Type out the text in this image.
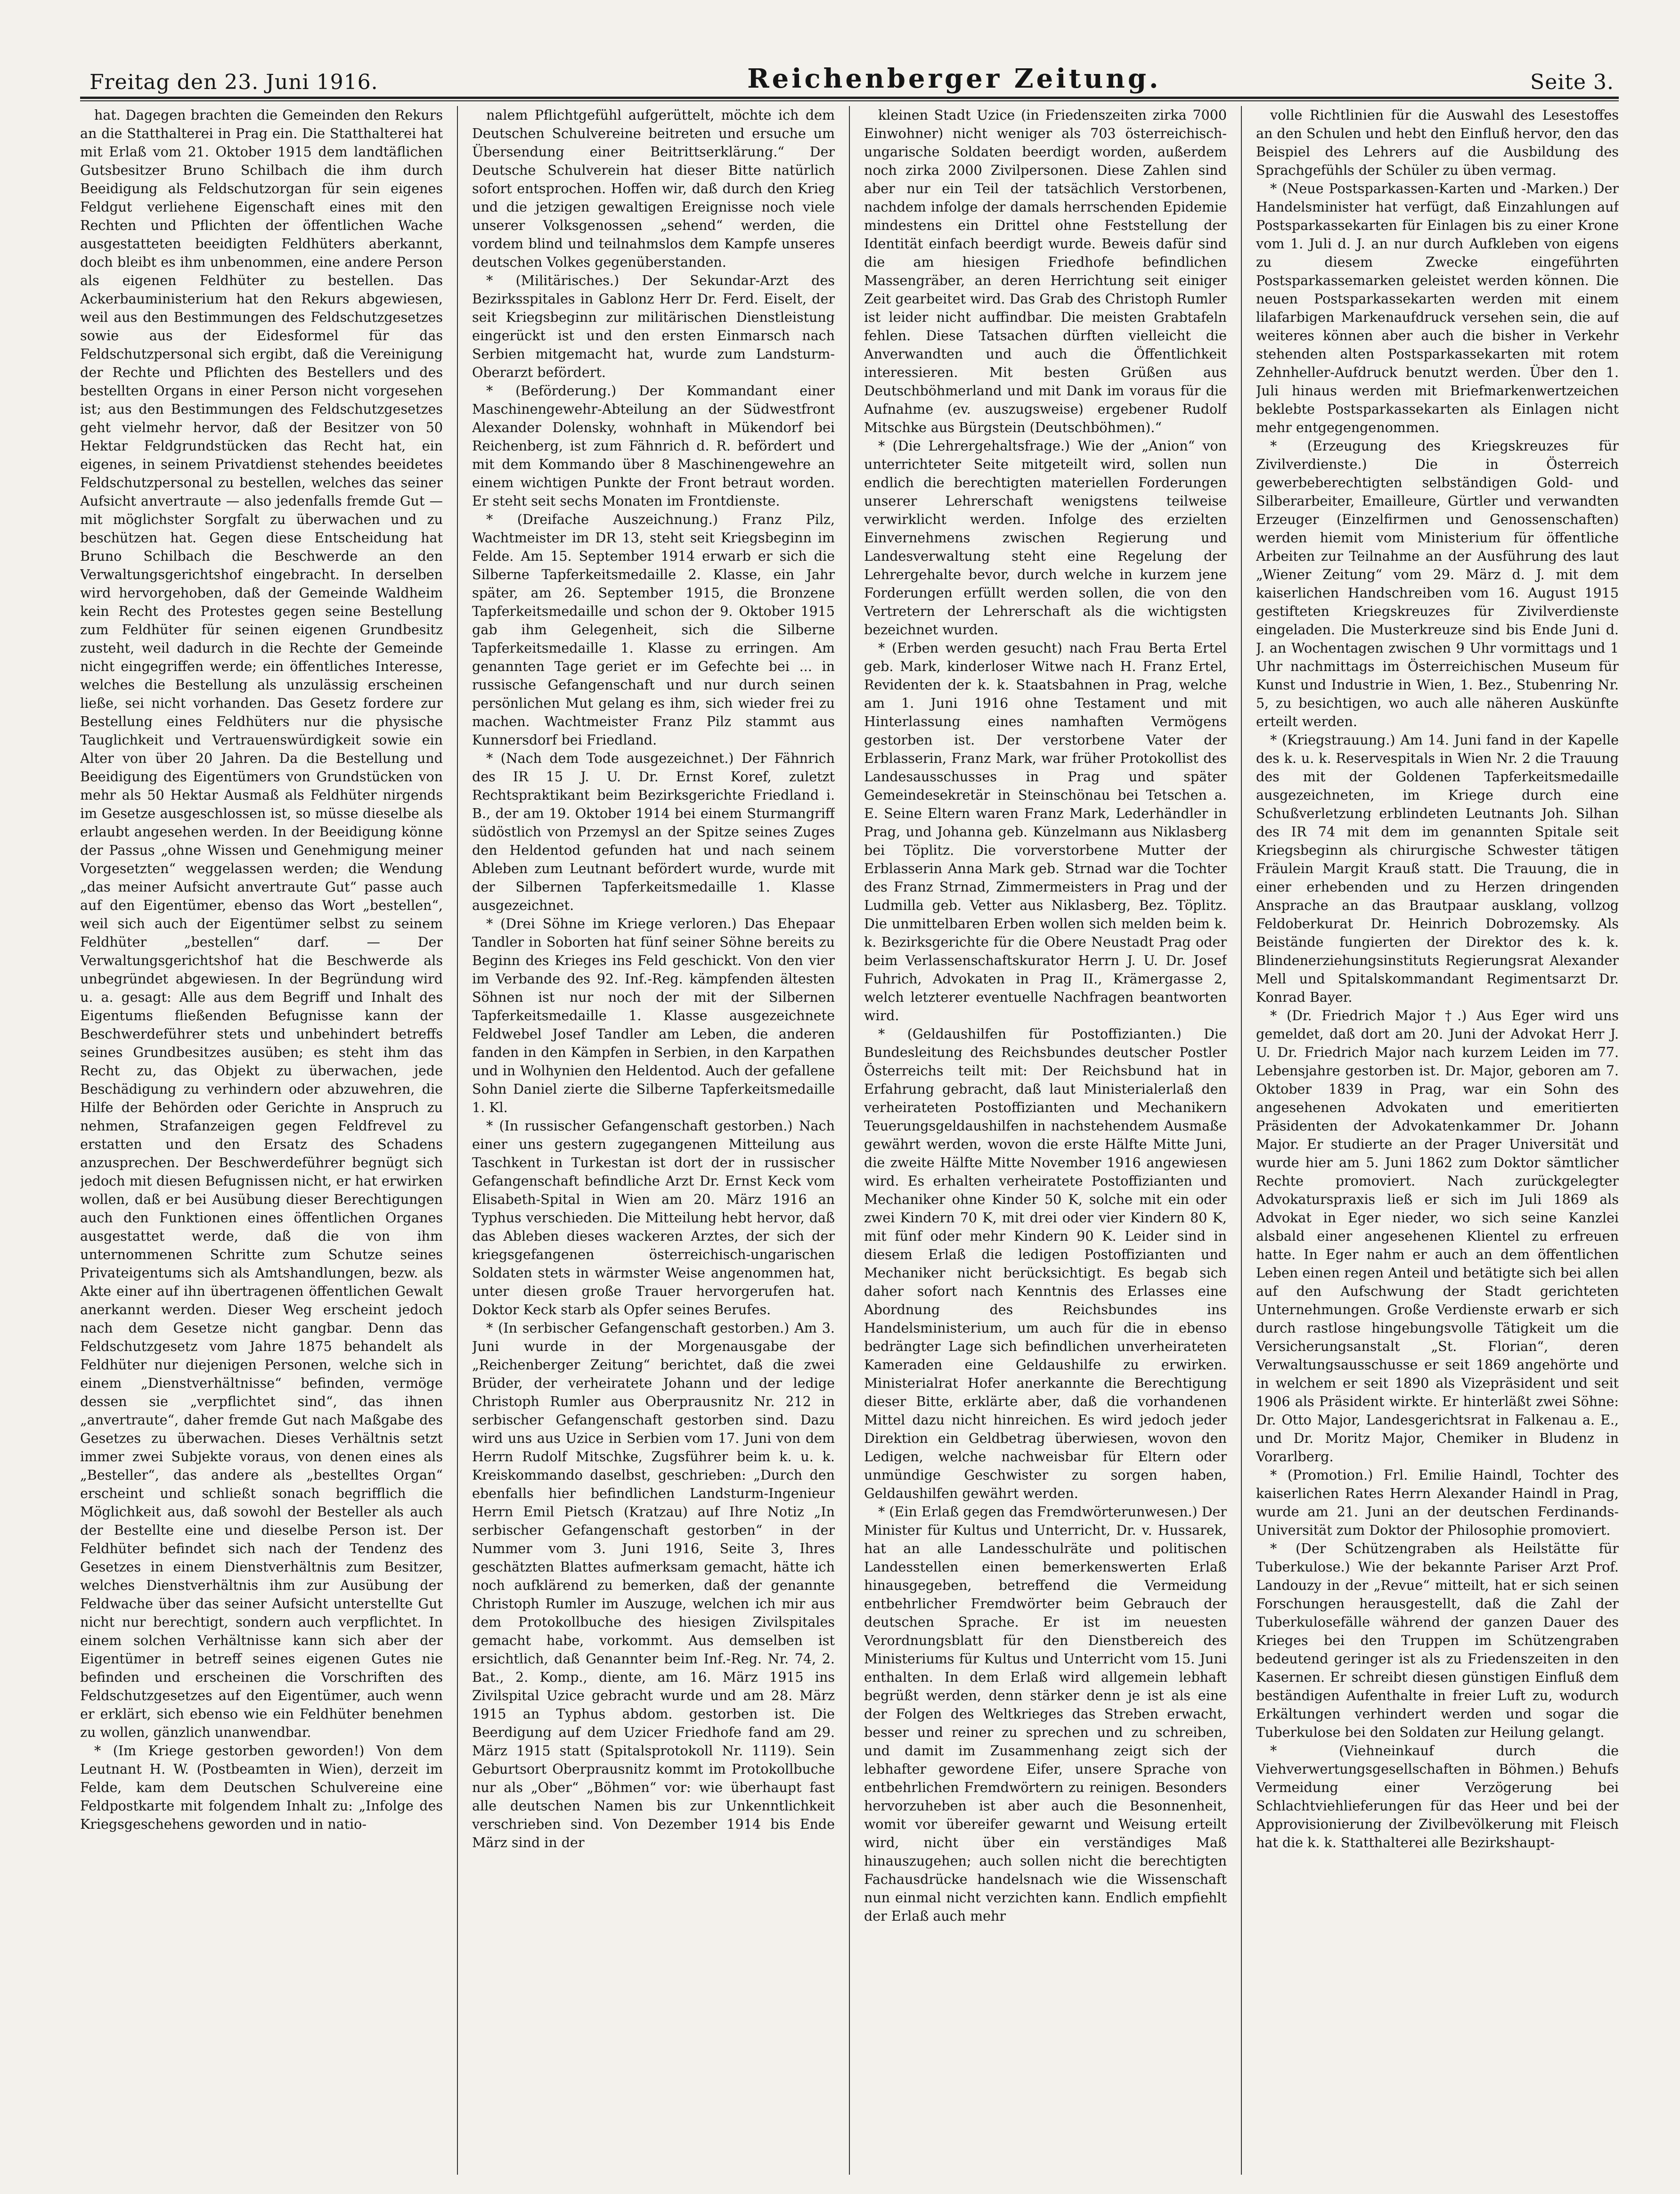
Freitag den 23. Juni 1916.	Reichenberger Zeitung.	Seite 3.

hat. Dagegen brachten die Gemeinden den Rekurs an die Statthalterei in Prag ein. Die Statthalterei hat mit Erlaß vom 21. Oktober 1915 dem landtäflichen Gutsbesitzer Bruno Schilbach die ihm durch Beeidigung als Feldschutzorgan für sein eigenes Feldgut verliehene Eigenschaft eines mit den Rechten und Pflichten der öffentlichen Wache ausgestatteten beeidigten Feldhüters aberkannt, doch bleibt es ihm unbenommen, eine andere Person als eigenen Feldhüter zu bestellen. Das Ackerbauministerium hat den Rekurs abgewiesen, weil aus den Bestimmungen des Feldschutzgesetzes sowie aus der Eidesformel für das Feldschutzpersonal sich ergibt, daß die Vereinigung der Rechte und Pflichten des Bestellers und des bestellten Organs in einer Person nicht vorgesehen ist; aus den Bestimmungen des Feldschutzgesetzes geht vielmehr hervor, daß der Besitzer von 50 Hektar Feldgrundstücken das Recht hat, ein eigenes, in seinem Privatdienst stehendes beeidetes Feldschutzpersonal zu bestellen, welches das seiner Aufsicht anvertraute — also jedenfalls fremde Gut — mit möglichster Sorgfalt zu überwachen und zu beschützen hat. Gegen diese Entscheidung hat Bruno Schilbach die Beschwerde an den Verwaltungsgerichtshof eingebracht. In derselben wird hervorgehoben, daß der Gemeinde Waldheim kein Recht des Protestes gegen seine Bestellung zum Feldhüter für seinen eigenen Grundbesitz zusteht, weil dadurch in die Rechte der Gemeinde nicht eingegriffen werde; ein öffentliches Interesse, welches die Bestellung als unzulässig erscheinen ließe, sei nicht vorhanden. Das Gesetz fordere zur Bestellung eines Feldhüters nur die physische Tauglichkeit und Vertrauenswürdigkeit sowie ein Alter von über 20 Jahren. Da die Bestellung und Beeidigung des Eigentümers von Grundstücken von mehr als 50 Hektar Ausmaß als Feldhüter nirgends im Gesetze ausgeschlossen ist, so müsse dieselbe als erlaubt angesehen werden. In der Beeidigung könne der Passus „ohne Wissen und Genehmigung meiner Vorgesetzten“ weggelassen werden; die Wendung „das meiner Aufsicht anvertraute Gut“ passe auch auf den Eigentümer, ebenso das Wort „bestellen“, weil sich auch der Eigentümer selbst zu seinem Feldhüter „bestellen“ darf. — Der Verwaltungsgerichtshof hat die Beschwerde als unbegründet abgewiesen. In der Begründung wird u. a. gesagt: Alle aus dem Begriff und Inhalt des Eigentums fließenden Befugnisse kann der Beschwerdeführer stets und unbehindert betreffs seines Grundbesitzes ausüben; es steht ihm das Recht zu, das Objekt zu überwachen, jede Beschädigung zu verhindern oder abzuwehren, die Hilfe der Behörden oder Gerichte in Anspruch zu nehmen, Strafanzeigen gegen Feldfrevel zu erstatten und den Ersatz des Schadens anzusprechen. Der Beschwerdeführer begnügt sich jedoch mit diesen Befugnissen nicht, er hat erwirken wollen, daß er bei Ausübung dieser Berechtigungen auch den Funktionen eines öffentlichen Organes ausgestattet werde, daß die von ihm unternommenen Schritte zum Schutze seines Privateigentums sich als Amtshandlungen, bezw. als Akte einer auf ihn übertragenen öffentlichen Gewalt anerkannt werden. Dieser Weg erscheint jedoch nach dem Gesetze nicht gangbar. Denn das Feldschutzgesetz vom Jahre 1875 behandelt als Feldhüter nur diejenigen Personen, welche sich in einem „Dienstverhältnisse“ befinden, vermöge dessen sie „verpflichtet sind“, das ihnen „anvertraute“, daher fremde Gut nach Maßgabe des Gesetzes zu überwachen. Dieses Verhältnis setzt immer zwei Subjekte voraus, von denen eines als „Besteller“, das andere als „bestelltes Organ“ erscheint und schließt sonach begrifflich die Möglichkeit aus, daß sowohl der Besteller als auch der Bestellte eine und dieselbe Person ist. Der Feldhüter befindet sich nach der Tendenz des Gesetzes in einem Dienstverhältnis zum Besitzer, welches Dienstverhältnis ihm zur Ausübung der Feldwache über das seiner Aufsicht unterstellte Gut nicht nur berechtigt, sondern auch verpflichtet. In einem solchen Verhältnisse kann sich aber der Eigentümer in betreff seines eigenen Gutes nie befinden und erscheinen die Vorschriften des Feldschutzgesetzes auf den Eigentümer, auch wenn er erklärt, sich ebenso wie ein Feldhüter benehmen zu wollen, gänzlich unanwendbar.

* (Im Kriege gestorben geworden!) Von dem Leutnant H. W. (Postbeamten in Wien), derzeit im Felde, kam dem Deutschen Schulvereine eine Feldpostkarte mit folgendem Inhalt zu: „Infolge des Kriegsgeschehens geworden und in natio-

nalem Pflichtgefühl aufgerüttelt, möchte ich dem Deutschen Schulvereine beitreten und ersuche um Übersendung einer Beitrittserklärung.“ Der Deutsche Schulverein hat dieser Bitte natürlich sofort entsprochen. Hoffen wir, daß durch den Krieg und die jetzigen gewaltigen Ereignisse noch viele unserer Volksgenossen „sehend“ werden, die vordem blind und teilnahmslos dem Kampfe unseres deutschen Volkes gegenüberstanden.

* (Militärisches.) Der Sekundar-Arzt des Bezirksspitales in Gablonz Herr Dr. Ferd. Eiselt, der seit Kriegsbeginn zur militärischen Dienstleistung eingerückt ist und den ersten Einmarsch nach Serbien mitgemacht hat, wurde zum Landsturm-Oberarzt befördert.

* (Beförderung.) Der Kommandant einer Maschinengewehr-Abteilung an der Südwestfront Alexander Dolensky, wohnhaft in Mükendorf bei Reichenberg, ist zum Fähnrich d. R. befördert und mit dem Kommando über 8 Maschinengewehre an einem wichtigen Punkte der Front betraut worden. Er steht seit sechs Monaten im Frontdienste.

* (Dreifache Auszeichnung.) Franz Pilz, Wachtmeister im DR 13, steht seit Kriegsbeginn im Felde. Am 15. September 1914 erwarb er sich die Silberne Tapferkeitsmedaille 2. Klasse, ein Jahr später, am 26. September 1915, die Bronzene Tapferkeitsmedaille und schon der 9. Oktober 1915 gab ihm Gelegenheit, sich die Silberne Tapferkeitsmedaille 1. Klasse zu erringen. Am genannten Tage geriet er im Gefechte bei ... in russische Gefangenschaft und nur durch seinen persönlichen Mut gelang es ihm, sich wieder frei zu machen. Wachtmeister Franz Pilz stammt aus Kunnersdorf bei Friedland.

* (Nach dem Tode ausgezeichnet.) Der Fähnrich des IR 15 J. U. Dr. Ernst Koref, zuletzt Rechtspraktikant beim Bezirksgerichte Friedland i. B., der am 19. Oktober 1914 bei einem Sturmangriff südöstlich von Przemysl an der Spitze seines Zuges den Heldentod gefunden hat und nach seinem Ableben zum Leutnant befördert wurde, wurde mit der Silbernen Tapferkeitsmedaille 1. Klasse ausgezeichnet.

* (Drei Söhne im Kriege verloren.) Das Ehepaar Tandler in Soborten hat fünf seiner Söhne bereits zu Beginn des Krieges ins Feld geschickt. Von den vier im Verbande des 92. Inf.-Reg. kämpfenden ältesten Söhnen ist nur noch der mit der Silbernen Tapferkeitsmedaille 1. Klasse ausgezeichnete Feldwebel Josef Tandler am Leben, die anderen fanden in den Kämpfen in Serbien, in den Karpathen und in Wolhynien den Heldentod. Auch der gefallene Sohn Daniel zierte die Silberne Tapferkeitsmedaille 1. Kl.

* (In russischer Gefangenschaft gestorben.) Nach einer uns gestern zugegangenen Mitteilung aus Taschkent in Turkestan ist dort der in russischer Gefangenschaft befindliche Arzt Dr. Ernst Keck vom Elisabeth-Spital in Wien am 20. März 1916 an Typhus verschieden. Die Mitteilung hebt hervor, daß das Ableben dieses wackeren Arztes, der sich der kriegsgefangenen österreichisch-ungarischen Soldaten stets in wärmster Weise angenommen hat, unter diesen große Trauer hervorgerufen hat. Doktor Keck starb als Opfer seines Berufes.

* (In serbischer Gefangenschaft gestorben.) Am 3. Juni wurde in der Morgenausgabe der „Reichenberger Zeitung“ berichtet, daß die zwei Brüder, der verheiratete Johann und der ledige Christoph Rumler aus Oberprausnitz Nr. 212 in serbischer Gefangenschaft gestorben sind. Dazu wird uns aus Uzice in Serbien vom 17. Juni von dem Herrn Rudolf Mitschke, Zugsführer beim k. u. k. Kreiskommando daselbst, geschrieben: „Durch den ebenfalls hier befindlichen Landsturm-Ingenieur Herrn Emil Pietsch (Kratzau) auf Ihre Notiz „In serbischer Gefangenschaft gestorben“ in der Nummer vom 3. Juni 1916, Seite 3, Ihres geschätzten Blattes aufmerksam gemacht, hätte ich noch aufklärend zu bemerken, daß der genannte Christoph Rumler im Auszuge, welchen ich mir aus dem Protokollbuche des hiesigen Zivilspitales gemacht habe, vorkommt. Aus demselben ist ersichtlich, daß Genannter beim Inf.-Reg. Nr. 74, 2. Bat., 2. Komp., diente, am 16. März 1915 ins Zivilspital Uzice gebracht wurde und am 28. März 1915 an Typhus abdom. gestorben ist. Die Beerdigung auf dem Uzicer Friedhofe fand am 29. März 1915 statt (Spitalsprotokoll Nr. 1119). Sein Geburtsort Oberprausnitz kommt im Protokollbuche nur als „Ober“ „Böhmen“ vor: wie überhaupt fast alle deutschen Namen bis zur Unkenntlichkeit verschrieben sind. Von Dezember 1914 bis Ende März sind in der

kleinen Stadt Uzice (in Friedenszeiten zirka 7000 Einwohner) nicht weniger als 703 österreichisch-ungarische Soldaten beerdigt worden, außerdem noch zirka 2000 Zivilpersonen. Diese Zahlen sind aber nur ein Teil der tatsächlich Verstorbenen, nachdem infolge der damals herrschenden Epidemie mindestens ein Drittel ohne Feststellung der Identität einfach beerdigt wurde. Beweis dafür sind die am hiesigen Friedhofe befindlichen Massengräber, an deren Herrichtung seit einiger Zeit gearbeitet wird. Das Grab des Christoph Rumler ist leider nicht auffindbar. Die meisten Grabtafeln fehlen. Diese Tatsachen dürften vielleicht die Anverwandten und auch die Öffentlichkeit interessieren. Mit besten Grüßen aus Deutschböhmerland und mit Dank im voraus für die Aufnahme (ev. auszugsweise) ergebener Rudolf Mitschke aus Bürgstein (Deutschböhmen).“

* (Die Lehrergehaltsfrage.) Wie der „Anion“ von unterrichteter Seite mitgeteilt wird, sollen nun endlich die berechtigten materiellen Forderungen unserer Lehrerschaft wenigstens teilweise verwirklicht werden. Infolge des erzielten Einvernehmens zwischen Regierung und Landesverwaltung steht eine Regelung der Lehrergehalte bevor, durch welche in kurzem jene Forderungen erfüllt werden sollen, die von den Vertretern der Lehrerschaft als die wichtigsten bezeichnet wurden.

* (Erben werden gesucht) nach Frau Berta Ertel geb. Mark, kinderloser Witwe nach H. Franz Ertel, Revidenten der k. k. Staatsbahnen in Prag, welche am 1. Juni 1916 ohne Testament und mit Hinterlassung eines namhaften Vermögens gestorben ist. Der verstorbene Vater der Erblasserin, Franz Mark, war früher Protokollist des Landesausschusses in Prag und später Gemeindesekretär in Steinschönau bei Tetschen a. E. Seine Eltern waren Franz Mark, Lederhändler in Prag, und Johanna geb. Künzelmann aus Niklasberg bei Töplitz. Die vorverstorbene Mutter der Erblasserin Anna Mark geb. Strnad war die Tochter des Franz Strnad, Zimmermeisters in Prag und der Ludmilla geb. Vetter aus Niklasberg, Bez. Töplitz. Die unmittelbaren Erben wollen sich melden beim k. k. Bezirksgerichte für die Obere Neustadt Prag oder beim Verlassenschaftskurator Herrn J. U. Dr. Josef Fuhrich, Advokaten in Prag II., Krämergasse 2, welch letzterer eventuelle Nachfragen beantworten wird.

* (Geldaushilfen für Postoffizianten.) Die Bundesleitung des Reichsbundes deutscher Postler Österreichs teilt mit: Der Reichsbund hat in Erfahrung gebracht, daß laut Ministerialerlaß den verheirateten Postoffizianten und Mechanikern Teuerungsgeldaushilfen in nachstehendem Ausmaße gewährt werden, wovon die erste Hälfte Mitte Juni, die zweite Hälfte Mitte November 1916 angewiesen wird. Es erhalten verheiratete Postoffizianten und Mechaniker ohne Kinder 50 K, solche mit ein oder zwei Kindern 70 K, mit drei oder vier Kindern 80 K, mit fünf oder mehr Kindern 90 K. Leider sind in diesem Erlaß die ledigen Postoffizianten und Mechaniker nicht berücksichtigt. Es begab sich daher sofort nach Kenntnis des Erlasses eine Abordnung des Reichsbundes ins Handelsministerium, um auch für die in ebenso bedrängter Lage sich befindlichen unverheirateten Kameraden eine Geldaushilfe zu erwirken. Ministerialrat Hofer anerkannte die Berechtigung dieser Bitte, erklärte aber, daß die vorhandenen Mittel dazu nicht hinreichen. Es wird jedoch jeder Direktion ein Geldbetrag überwiesen, wovon den Ledigen, welche nachweisbar für Eltern oder unmündige Geschwister zu sorgen haben, Geldaushilfen gewährt werden.

* (Ein Erlaß gegen das Fremdwörterunwesen.) Der Minister für Kultus und Unterricht, Dr. v. Hussarek, hat an alle Landesschulräte und politischen Landesstellen einen bemerkenswerten Erlaß hinausgegeben, betreffend die Vermeidung entbehrlicher Fremdwörter beim Gebrauch der deutschen Sprache. Er ist im neuesten Verordnungsblatt für den Dienstbereich des Ministeriums für Kultus und Unterricht vom 15. Juni enthalten. In dem Erlaß wird allgemein lebhaft begrüßt werden, denn stärker denn je ist als eine der Folgen des Weltkrieges das Streben erwacht, besser und reiner zu sprechen und zu schreiben, und damit im Zusammenhang zeigt sich der lebhafter gewordene Eifer, unsere Sprache von entbehrlichen Fremdwörtern zu reinigen. Besonders hervorzuheben ist aber auch die Besonnenheit, womit vor übereifer gewarnt und Weisung erteilt wird, nicht über ein verständiges Maß hinauszugehen; auch sollen nicht die berechtigten Fachausdrücke handelsnach wie die Wissenschaft nun einmal nicht verzichten kann. Endlich empfiehlt der Erlaß auch mehr

volle Richtlinien für die Auswahl des Lesestoffes an den Schulen und hebt den Einfluß hervor, den das Beispiel des Lehrers auf die Ausbildung des Sprachgefühls der Schüler zu üben vermag.

* (Neue Postsparkassen-Karten und -Marken.) Der Handelsminister hat verfügt, daß Einzahlungen auf Postsparkassekarten für Einlagen bis zu einer Krone vom 1. Juli d. J. an nur durch Aufkleben von eigens zu diesem Zwecke eingeführten Postsparkassemarken geleistet werden können. Die neuen Postsparkassekarten werden mit einem lilafarbigen Markenaufdruck versehen sein, die auf weiteres können aber auch die bisher in Verkehr stehenden alten Postsparkassekarten mit rotem Zehnheller-Aufdruck benutzt werden. Über den 1. Juli hinaus werden mit Briefmarkenwertzeichen beklebte Postsparkassekarten als Einlagen nicht mehr entgegengenommen.

* (Erzeugung des Kriegskreuzes für Zivilverdienste.) Die in Österreich gewerbeberechtigten selbständigen Gold- und Silberarbeiter, Emailleure, Gürtler und verwandten Erzeuger (Einzelfirmen und Genossenschaften) werden hiemit vom Ministerium für öffentliche Arbeiten zur Teilnahme an der Ausführung des laut „Wiener Zeitung“ vom 29. März d. J. mit dem kaiserlichen Handschreiben vom 16. August 1915 gestifteten Kriegskreuzes für Zivilverdienste eingeladen. Die Musterkreuze sind bis Ende Juni d. J. an Wochentagen zwischen 9 Uhr vormittags und 1 Uhr nachmittags im Österreichischen Museum für Kunst und Industrie in Wien, 1. Bez., Stubenring Nr. 5, zu besichtigen, wo auch alle näheren Auskünfte erteilt werden.

* (Kriegstrauung.) Am 14. Juni fand in der Kapelle des k. u. k. Reservespitals in Wien Nr. 2 die Trauung des mit der Goldenen Tapferkeitsmedaille ausgezeichneten, im Kriege durch eine Schußverletzung erblindeten Leutnants Joh. Silhan des IR 74 mit dem im genannten Spitale seit Kriegsbeginn als chirurgische Schwester tätigen Fräulein Margit Krauß statt. Die Trauung, die in einer erhebenden und zu Herzen dringenden Ansprache an das Brautpaar ausklang, vollzog Feldoberkurat Dr. Heinrich Dobrozemsky. Als Beistände fungierten der Direktor des k. k. Blindenerziehungsinstituts Regierungsrat Alexander Mell und Spitalskommandant Regimentsarzt Dr. Konrad Bayer.

* (Dr. Friedrich Major †.) Aus Eger wird uns gemeldet, daß dort am 20. Juni der Advokat Herr J. U. Dr. Friedrich Major nach kurzem Leiden im 77. Lebensjahre gestorben ist. Dr. Major, geboren am 7. Oktober 1839 in Prag, war ein Sohn des angesehenen Advokaten und emeritierten Präsidenten der Advokatenkammer Dr. Johann Major. Er studierte an der Prager Universität und wurde hier am 5. Juni 1862 zum Doktor sämtlicher Rechte promoviert. Nach zurückgelegter Advokaturspraxis ließ er sich im Juli 1869 als Advokat in Eger nieder, wo sich seine Kanzlei alsbald einer angesehenen Klientel zu erfreuen hatte. In Eger nahm er auch an dem öffentlichen Leben einen regen Anteil und betätigte sich bei allen auf den Aufschwung der Stadt gerichteten Unternehmungen. Große Verdienste erwarb er sich durch rastlose hingebungsvolle Tätigkeit um die Versicherungsanstalt „St. Florian“, deren Verwaltungsausschusse er seit 1869 angehörte und in welchem er seit 1890 als Vizepräsident und seit 1906 als Präsident wirkte. Er hinterläßt zwei Söhne: Dr. Otto Major, Landesgerichtsrat in Falkenau a. E., und Dr. Moritz Major, Chemiker in Bludenz in Vorarlberg.

* (Promotion.) Frl. Emilie Haindl, Tochter des kaiserlichen Rates Herrn Alexander Haindl in Prag, wurde am 21. Juni an der deutschen Ferdinands-Universität zum Doktor der Philosophie promoviert.

* (Der Schützengraben als Heilstätte für Tuberkulose.) Wie der bekannte Pariser Arzt Prof. Landouzy in der „Revue“ mitteilt, hat er sich seinen Forschungen herausgestellt, daß die Zahl der Tuberkulosefälle während der ganzen Dauer des Krieges bei den Truppen im Schützengraben bedeutend geringer ist als zu Friedenszeiten in den Kasernen. Er schreibt diesen günstigen Einfluß dem beständigen Aufenthalte in freier Luft zu, wodurch Erkältungen verhindert werden und sogar die Tuberkulose bei den Soldaten zur Heilung gelangt.

* (Viehneinkauf durch die Viehverwertungsgesellschaften in Böhmen.) Behufs Vermeidung einer Verzögerung bei Schlachtviehlieferungen für das Heer und bei der Approvisionierung der Zivilbevölkerung mit Fleisch hat die k. k. Statthalterei alle Bezirkshaupt-
